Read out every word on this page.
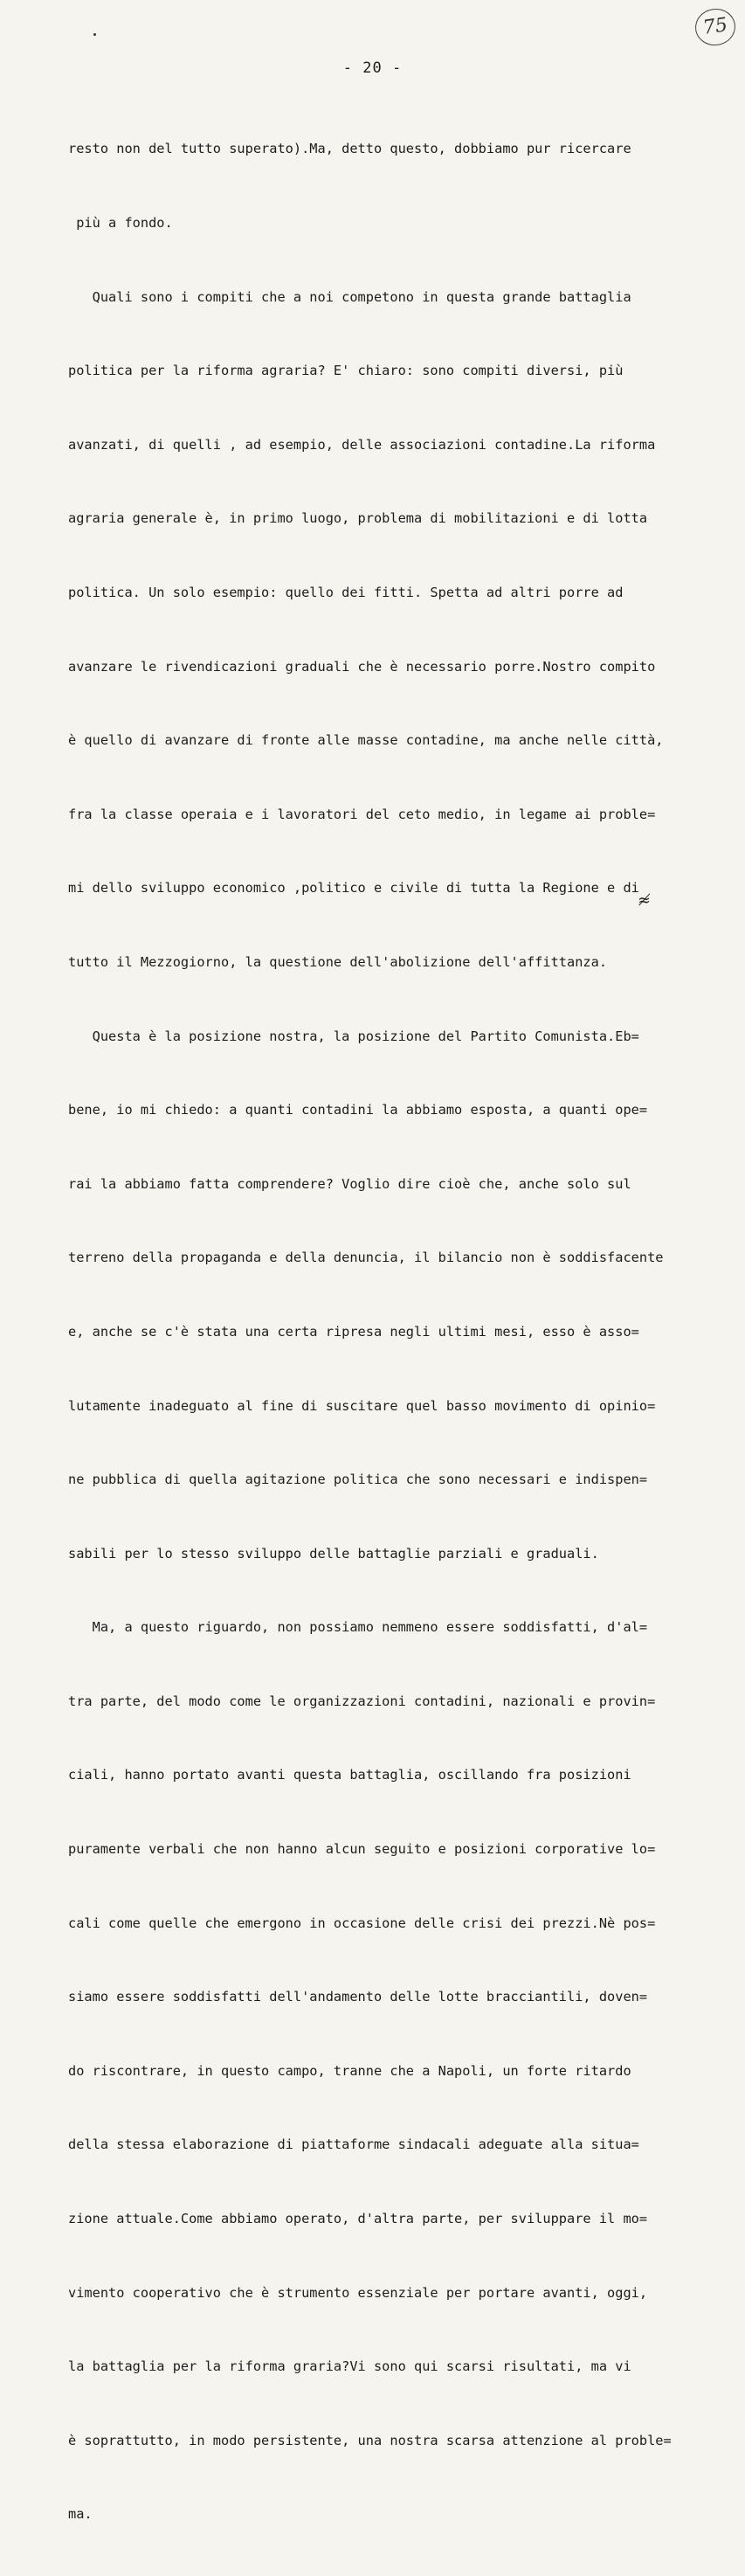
75
- 20 -

resto non del tutto superato).Ma, detto questo, dobbiamo pur ricercare

più a fondo.

Quali sono i compiti che a noi competono in questa grande battaglia

politica per la riforma agraria? E' chiaro: sono compiti diversi, più

avanzati, di quelli , ad esempio, delle associazioni contadine.La riforma

agraria generale è, in primo luogo, problema di mobilitazioni e di lotta

politica. Un solo esempio: quello dei fitti. Spetta ad altri porre ad

avanzare le rivendicazioni graduali che è necessario porre.Nostro compito

è quello di avanzare di fronte alle masse contadine, ma anche nelle città,

fra la classe operaia e i lavoratori del ceto medio, in legame ai proble=

mi dello sviluppo economico ,politico e civile di tutta la Regione e di

tutto il Mezzogiorno, la questione dell'abolizione dell'affittanza.

Questa è la posizione nostra, la posizione del Partito Comunista.Eb=

bene, io mi chiedo: a quanti contadini la abbiamo esposta, a quanti ope=

rai la abbiamo fatta comprendere? Voglio dire cioè che, anche solo sul

terreno della propaganda e della denuncia, il bilancio non è soddisfacente

e, anche se c'è stata una certa ripresa negli ultimi mesi, esso è asso=

lutamente inadeguato al fine di suscitare quel basso movimento di opinio=

ne pubblica di quella agitazione politica che sono necessari e indispen=

sabili per lo stesso sviluppo delle battaglie parziali e graduali.

Ma, a questo riguardo, non possiamo nemmeno essere soddisfatti, d'al=

tra parte, del modo come le organizzazioni contadini, nazionali e provin=

ciali, hanno portato avanti questa battaglia, oscillando fra posizioni

puramente verbali che non hanno alcun seguito e posizioni corporative lo=

cali come quelle che emergono in occasione delle crisi dei prezzi.Nè pos=

siamo essere soddisfatti dell'andamento delle lotte bracciantili, doven=

do riscontrare, in questo campo, tranne che a Napoli, un forte ritardo

della stessa elaborazione di piattaforme sindacali adeguate alla situa=

zione attuale.Come abbiamo operato, d'altra parte, per sviluppare il mo=

vimento cooperativo che è strumento essenziale per portare avanti, oggi,

la battaglia per la riforma graria?Vi sono qui scarsi risultati, ma vi

è soprattutto, in modo persistente, una nostra scarsa attenzione al proble=

ma.

≉
